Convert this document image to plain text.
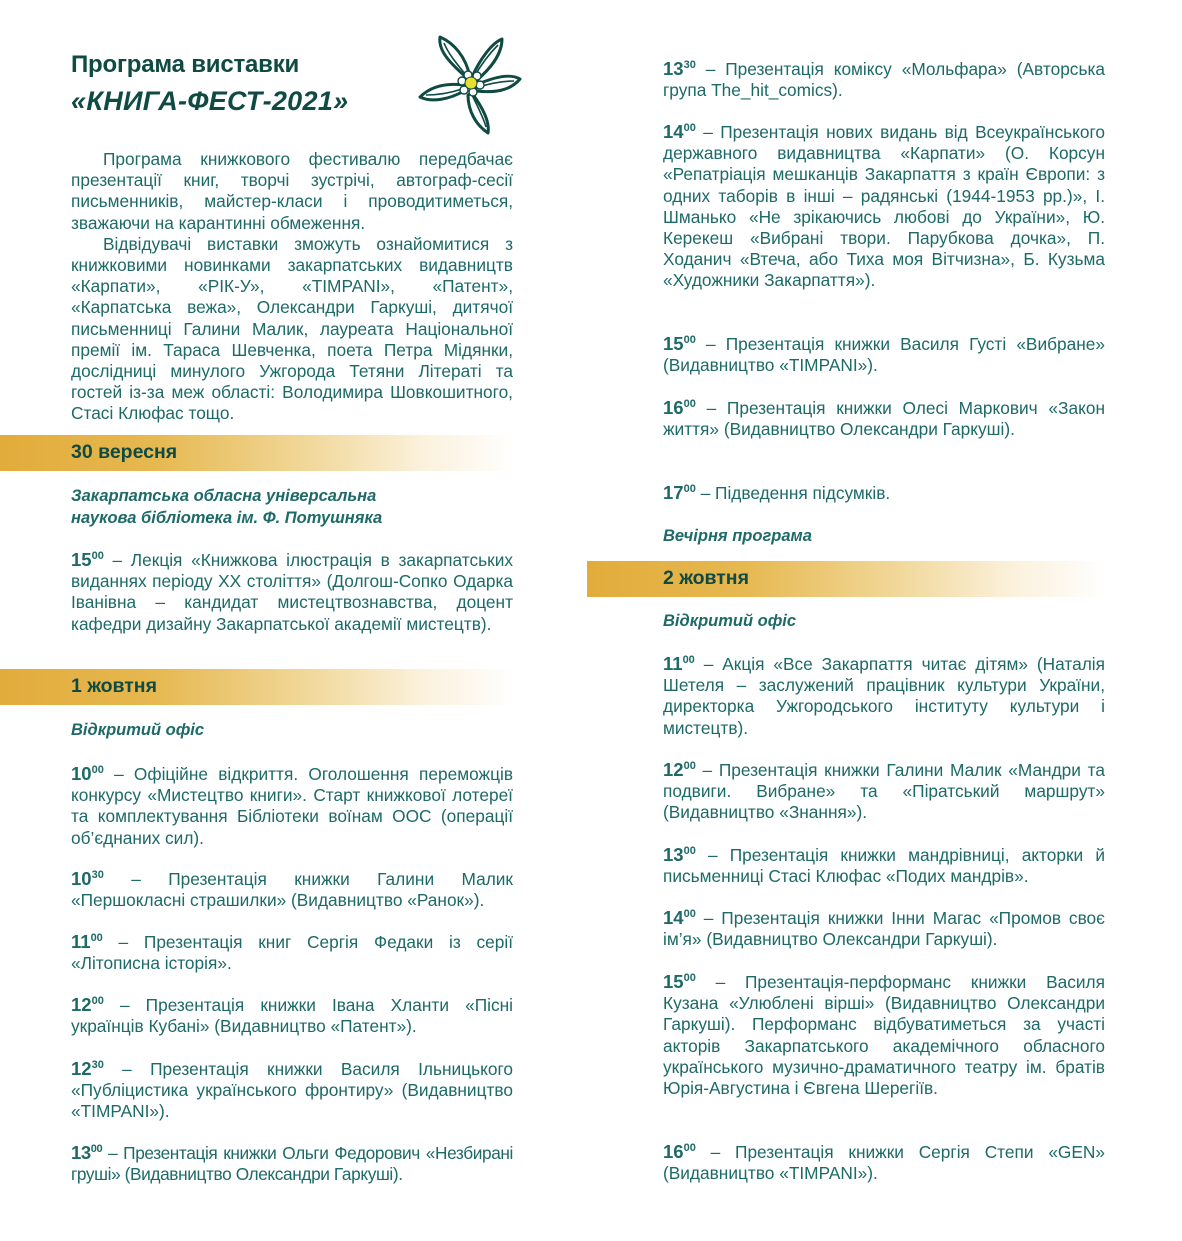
Програма виставки
«КНИГА-ФЕСТ-2021»

Програма книжкового фестивалю передбачає презентації книг, творчі зустрічі, автограф-сесії письменників, майстер-класи і проводитиметься, зважаючи на карантинні обмеження.

Відвідувачі виставки зможуть ознайомитися з книжковими новинками закарпатських видавництв «Карпати», «РІК-У», «TIMPANI», «Патент», «Карпатська вежа», Олександри Гаркуші, дитячої письменниці Галини Малик, лауреата Національної премії ім. Тараса Шевченка, поета Петра Мідянки, дослідниці минулого Ужгорода Тетяни Літераті та гостей із-за меж області: Володимира Шовкошитного, Стасі Клюфас тощо.

30 вересня

Закарпатська обласна універсальна

наукова бібліотека ім. Ф. Потушняка

$15^{00}$ – Лекція «Книжкова ілюстрація в закарпатських виданнях періоду ХХ століття» (Долгош-Сопко Одарка Іванівна – кандидат мистецтвознавства, доцент кафедри дизайну Закарпатської академії мистецтв).

1 жовтня

Відкритий офіс

$10^{00}$ – Офіційне відкриття. Оголошення переможців конкурсу «Мистецтво книги». Старт книжкової лотереї та комплектування Бібліотеки воїнам ООС (операції об’єднаних сил).

$10^{30}$ – Презентація книжки Галини Малик «Першокласні страшилки» (Видавництво «Ранок»).

$11^{00}$ – Презентація книг Сергія Федаки із серії «Літописна історія».

$12^{00}$ – Презентація книжки Івана Хланти «Пісні українців Кубані» (Видавництво «Патент»).

$12^{30}$ – Презентація книжки Василя Ільницького «Публіцистика українського фронтиру» (Видавництво «TIMPANI»).

$13^{00}$ – Презентація книжки Ольги Федорович «Незбирані груші» (Видавництво Олександри Гаркуші).

$13^{30}$ – Презентація коміксу «Мольфара» (Авторська група The_hit_comics).

$14^{00}$ – Презентація нових видань від Всеукраїнського державного видавництва «Карпати» (О. Корсун «Репатріація мешканців Закарпаття з країн Європи: з одних таборів в інші – радянські (1944-1953 рр.)», І. Шманько «Не зрікаючись любові до України», Ю. Керекеш «Вибрані твори. Парубкова дочка», П. Ходанич «Втеча, або Тиха моя Вітчизна», Б. Кузьма «Художники Закарпаття»).

$15^{00}$ – Презентація книжки Василя Густі «Вибране» (Видавництво «TIMPANI»).

$16^{00}$ – Презентація книжки Олесі Маркович «Закон життя» (Видавництво Олександри Гаркуші).

$17^{00}$ – Підведення підсумків.

Вечірня програма

2 жовтня

Відкритий офіс

$11^{00}$ – Акція «Все Закарпаття читає дітям» (Наталія Шетеля – заслужений працівник культури України, директорка Ужгородського інституту культури і мистецтв).

$12^{00}$ – Презентація книжки Галини Малик «Мандри та подвиги. Вибране» та «Піратський маршрут» (Видавництво «Знання»).

$13^{00}$ – Презентація книжки мандрівниці, акторки й письменниці Стасі Клюфас «Подих мандрів».

$14^{00}$ – Презентація книжки Інни Магас «Промов своє ім’я» (Видавництво Олександри Гаркуші).

$15^{00}$ – Презентація-перформанс книжки Василя Кузана «Улюблені вірші» (Видавництво Олександри Гаркуші). Перформанс відбуватиметься за участі акторів Закарпатського академічного обласного українського музично-драматичного театру ім. братів Юрія-Августина і Євгена Шерегіїв.

$16^{00}$ – Презентація книжки Сергія Степи «GEN» (Видавництво «TIMPANI»).
